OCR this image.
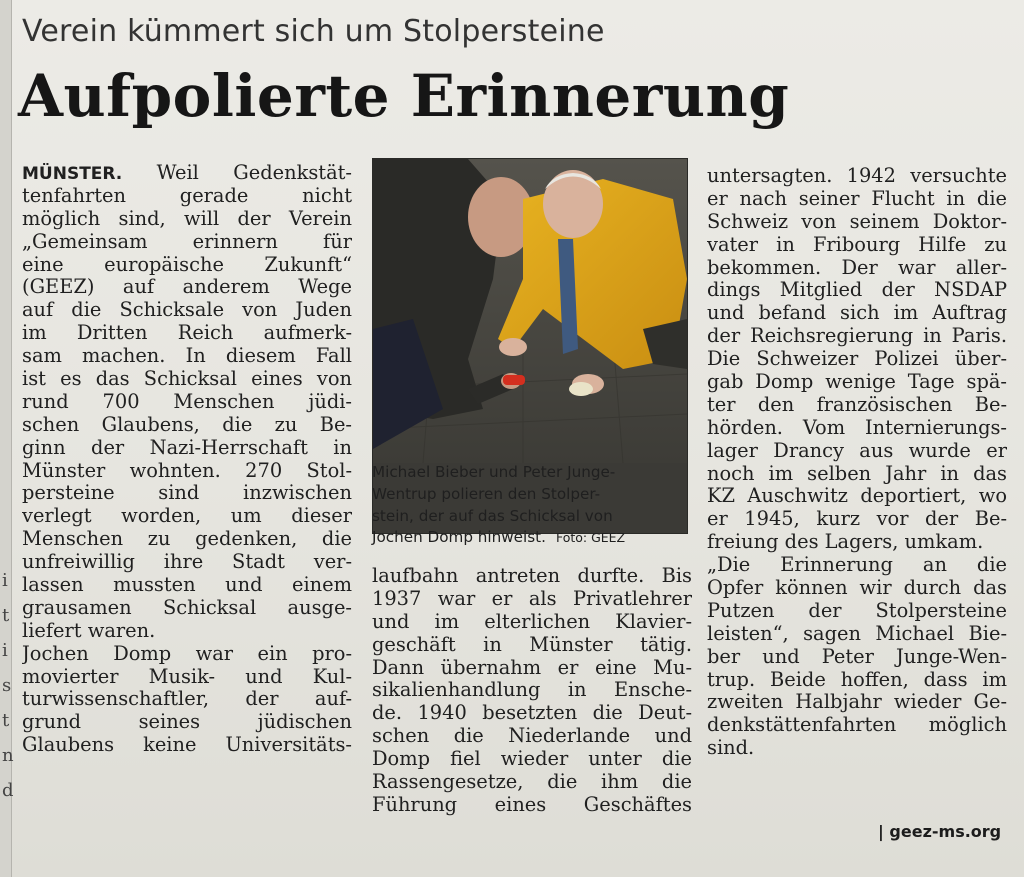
i
t
i
s
t
n
d
Verein kümmert sich um Stolpersteine
Aufpolierte Erinnerung
MÜNSTER. Weil Gedenkstät-
tenfahrten gerade nicht
möglich sind, will der Verein
„Gemeinsam erinnern für
eine europäische Zukunft“
(GEEZ) auf anderem Wege
auf die Schicksale von Juden
im Dritten Reich aufmerk-
sam machen. In diesem Fall
ist es das Schicksal eines von
rund 700 Menschen jüdi-
schen Glaubens, die zu Be-
ginn der Nazi-Herrschaft in
Münster wohnten. 270 Stol-
persteine sind inzwischen
verlegt worden, um dieser
Menschen zu gedenken, die
unfreiwillig ihre Stadt ver-
lassen mussten und einem
grausamen Schicksal ausge-
liefert waren.
Jochen Domp war ein pro-
movierter Musik- und Kul-
turwissenschaftler, der auf-
grund seines jüdischen
Glaubens keine Universitäts-
Michael Bieber und Peter Junge-
Wentrup polieren den Stolper-
stein, der auf das Schicksal von
Jochen Domp hinweist. Foto: GEEZ
laufbahn antreten durfte. Bis
1937 war er als Privatlehrer
und im elterlichen Klavier-
geschäft in Münster tätig.
Dann übernahm er eine Mu-
sikalienhandlung in Ensche-
de. 1940 besetzten die Deut-
schen die Niederlande und
Domp fiel wieder unter die
Rassengesetze, die ihm die
Führung eines Geschäftes
untersagten. 1942 versuchte
er nach seiner Flucht in die
Schweiz von seinem Doktor-
vater in Fribourg Hilfe zu
bekommen. Der war aller-
dings Mitglied der NSDAP
und befand sich im Auftrag
der Reichsregierung in Paris.
Die Schweizer Polizei über-
gab Domp wenige Tage spä-
ter den französischen Be-
hörden. Vom Internierungs-
lager Drancy aus wurde er
noch im selben Jahr in das
KZ Auschwitz deportiert, wo
er 1945, kurz vor der Be-
freiung des Lagers, umkam.
„Die Erinnerung an die
Opfer können wir durch das
Putzen der Stolpersteine
leisten“, sagen Michael Bie-
ber und Peter Junge-Wen-
trup. Beide hoffen, dass im
zweiten Halbjahr wieder Ge-
denkstättenfahrten möglich
sind.
| geez-ms.org
